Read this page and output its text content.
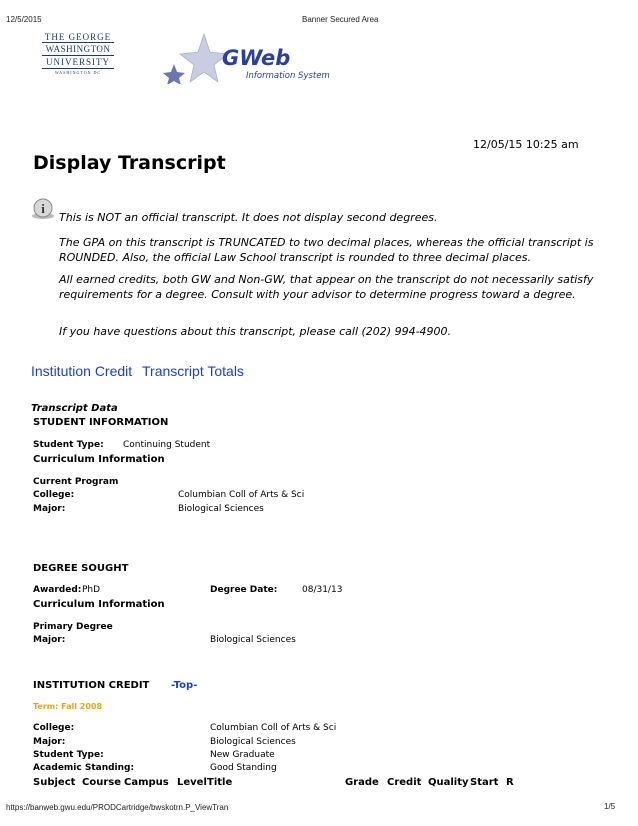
12/5/2015	Banner Secured Area
THE GEORGE
WASHINGTON
UNIVERSITY
WASHINGTON DC
GWeb
Information System
12/05/15 10:25 am
Display Transcript
i
This is NOT an official transcript. It does not display second degrees.
The GPA on this transcript is TRUNCATED to two decimal places, whereas the official transcript is ROUNDED. Also, the official Law School transcript is rounded to three decimal places.
All earned credits, both GW and Non-GW, that appear on the transcript do not necessarily satisfy requirements for a degree. Consult with your advisor to determine progress toward a degree.
If you have questions about this transcript, please call (202) 994-4900.
Institution Credit Transcript Totals
Transcript Data
STUDENT INFORMATION
Student Type: Continuing Student
Curriculum Information
Current Program
College:	Columbian Coll of Arts & Sci
Major:	Biological Sciences
DEGREE SOUGHT
Awarded: PhD	Degree Date:	08/31/13
Curriculum Information
Primary Degree
Major:	Biological Sciences
INSTITUTION CREDIT -Top-
Term: Fall 2008
College:	Columbian Coll of Arts & Sci
Major:	Biological Sciences
Student Type:	New Graduate
Academic Standing:	Good Standing
Subject Course Campus Level Title	Grade Credit Quality Start R
https://banweb.gwu.edu/PRODCartridge/bwskotrn.P_ViewTran	1/5
